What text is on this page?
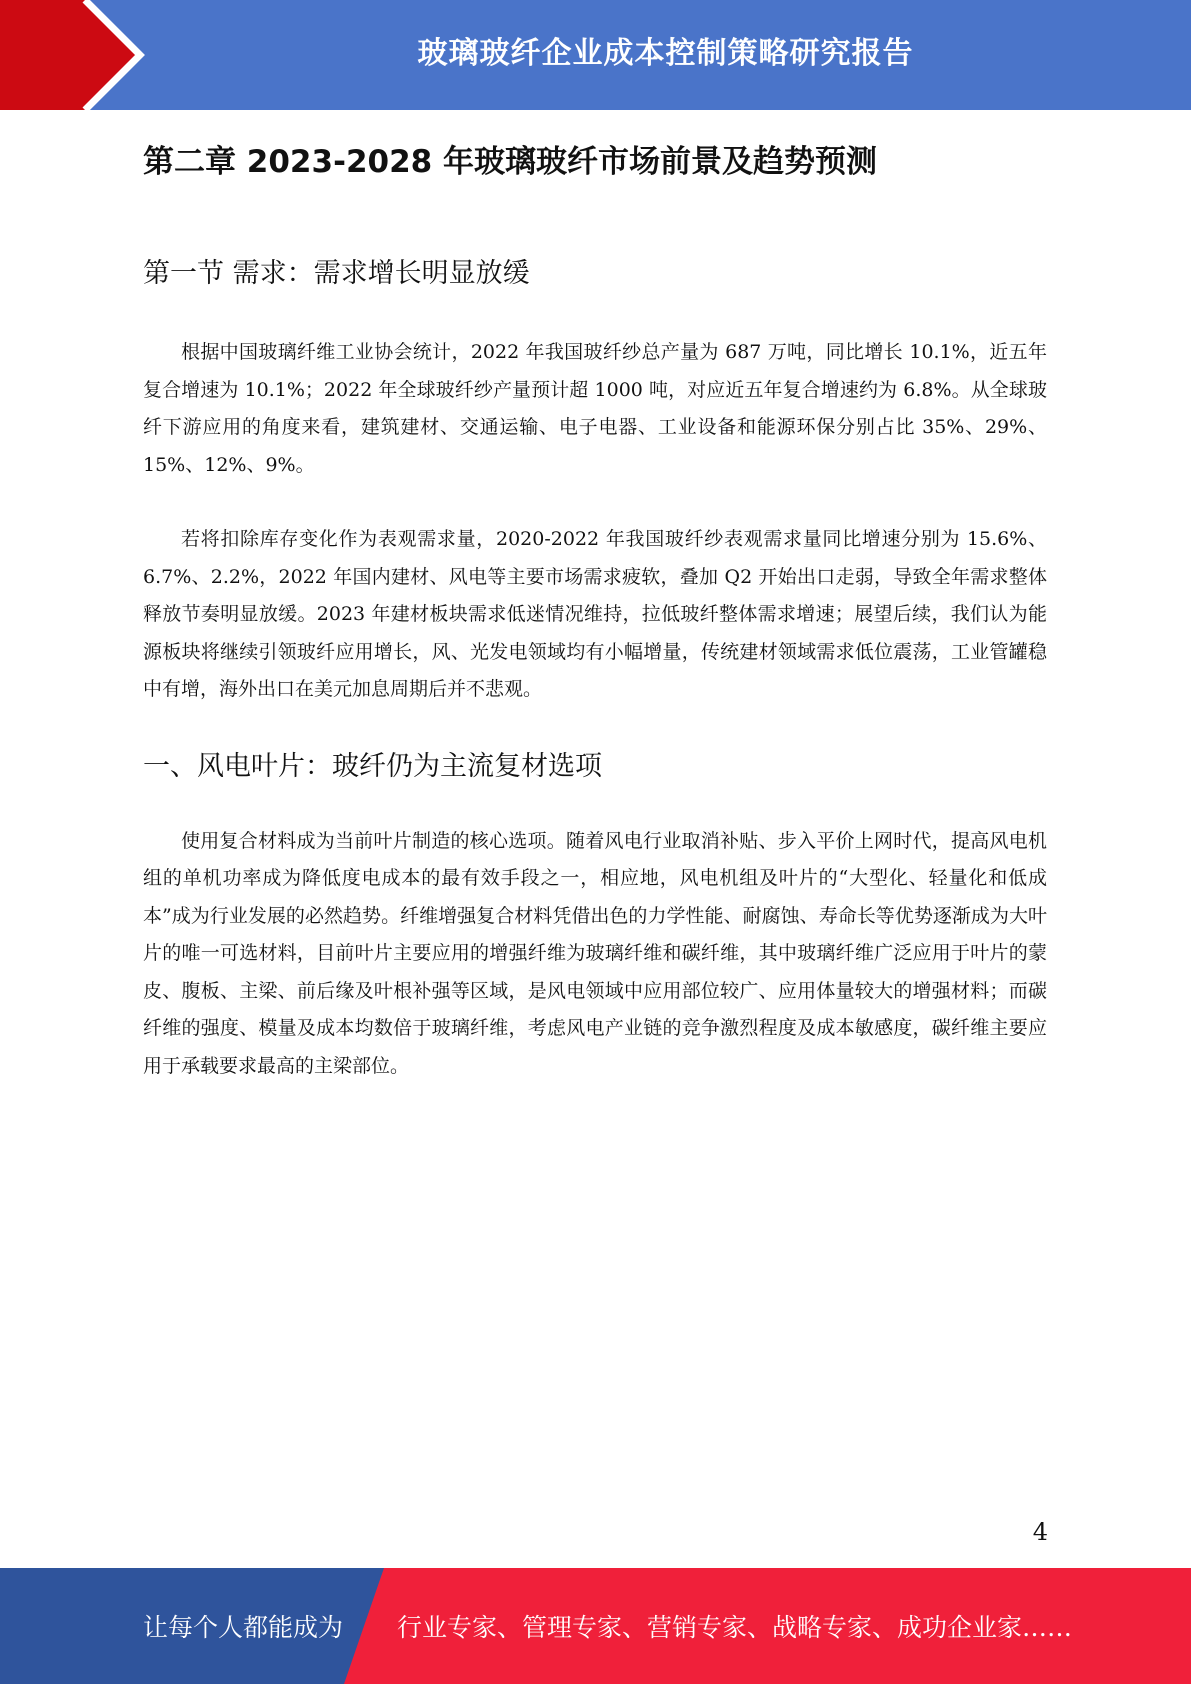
玻璃玻纤企业成本控制策略研究报告
第二章 2023-2028 年玻璃玻纤市场前景及趋势预测
第一节 需求：需求增长明显放缓

根据中国玻璃纤维工业协会统计，2022 年我国玻纤纱总产量为 687 万吨，同比增长 10.1%，近五年复合增速为 10.1%；2022 年全球玻纤纱产量预计超 1000 吨，对应近五年复合增速约为 6.8%。从全球玻纤下游应用的角度来看，建筑建材、交通运输、电子电器、工业设备和能源环保分别占比 35%、29%、15%、12%、9%。

若将扣除库存变化作为表观需求量，2020-2022 年我国玻纤纱表观需求量同比增速分别为 15.6%、6.7%、2.2%，2022 年国内建材、风电等主要市场需求疲软，叠加 Q2 开始出口走弱，导致全年需求整体释放节奏明显放缓。2023 年建材板块需求低迷情况维持，拉低玻纤整体需求增速；展望后续，我们认为能源板块将继续引领玻纤应用增长，风、光发电领域均有小幅增量，传统建材领域需求低位震荡，工业管罐稳中有增，海外出口在美元加息周期后并不悲观。

一、风电叶片：玻纤仍为主流复材选项

使用复合材料成为当前叶片制造的核心选项。随着风电行业取消补贴、步入平价上网时代，提高风电机组的单机功率成为降低度电成本的最有效手段之一，相应地，风电机组及叶片的“大型化、轻量化和低成本”成为行业发展的必然趋势。纤维增强复合材料凭借出色的力学性能、耐腐蚀、寿命长等优势逐渐成为大叶片的唯一可选材料，目前叶片主要应用的增强纤维为玻璃纤维和碳纤维，其中玻璃纤维广泛应用于叶片的蒙皮、腹板、主梁、前后缘及叶根补强等区域，是风电领域中应用部位较广、应用体量较大的增强材料；而碳纤维的强度、模量及成本均数倍于玻璃纤维，考虑风电产业链的竞争激烈程度及成本敏感度，碳纤维主要应用于承载要求最高的主梁部位。

4
让每个人都能成为 行业专家、管理专家、营销专家、战略专家、成功企业家……
